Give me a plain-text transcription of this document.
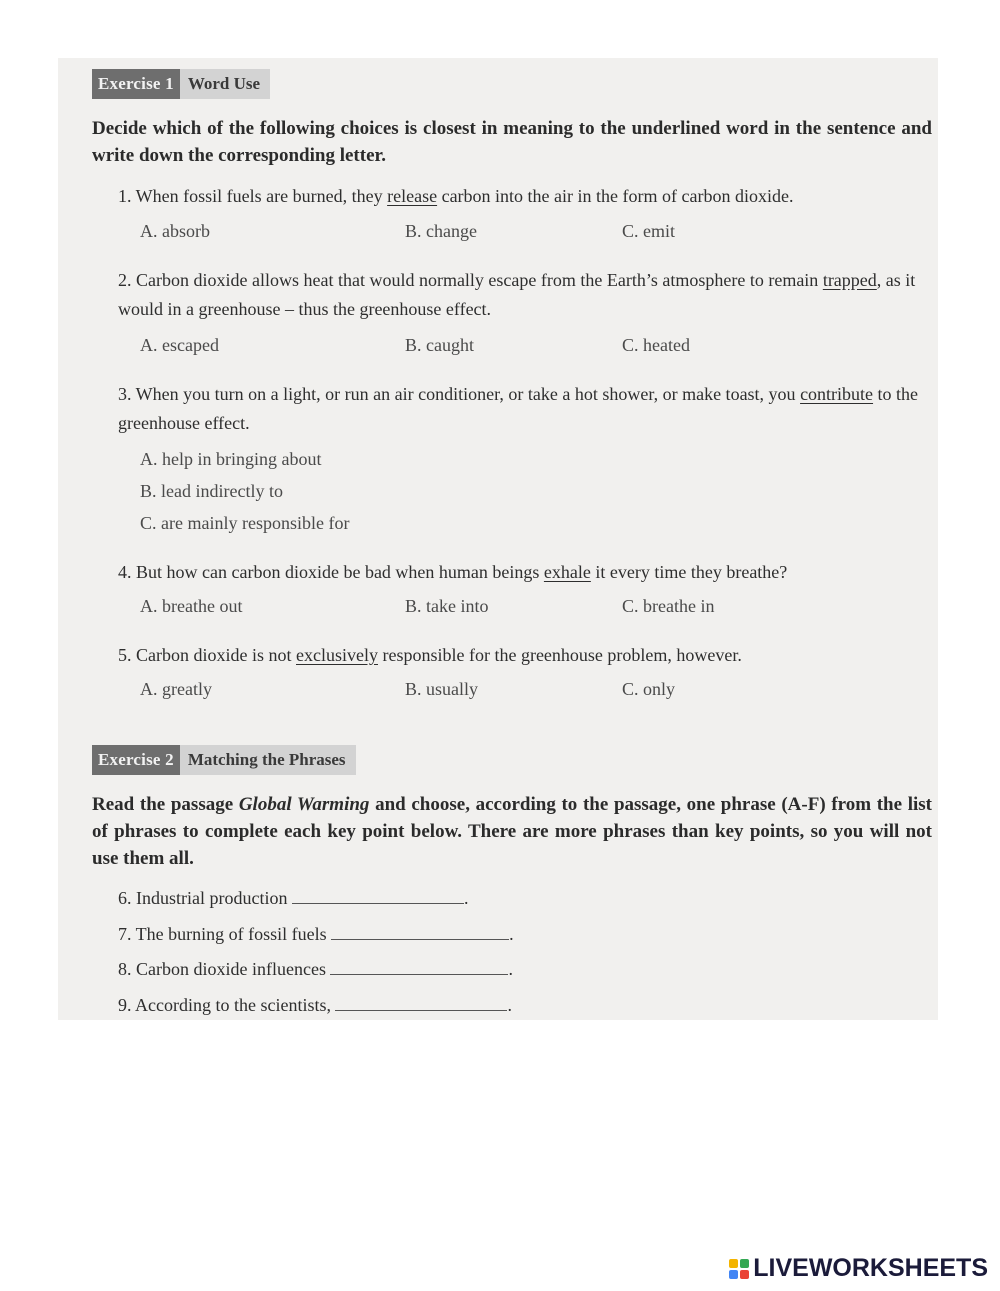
Exercise 1 Word Use
Decide which of the following choices is closest in meaning to the underlined word in the sentence and write down the corresponding letter.
1. When fossil fuels are burned, they release carbon into the air in the form of carbon dioxide.
A. absorb	B. change	C. emit
2. Carbon dioxide allows heat that would normally escape from the Earth’s atmosphere to remain trapped, as it would in a greenhouse – thus the greenhouse effect.
A. escaped	B. caught	C. heated
3. When you turn on a light, or run an air conditioner, or take a hot shower, or make toast, you contribute to the greenhouse effect.
A. help in bringing about
B. lead indirectly to
C. are mainly responsible for
4. But how can carbon dioxide be bad when human beings exhale it every time they breathe?
A. breathe out	B. take into	C. breathe in
5. Carbon dioxide is not exclusively responsible for the greenhouse problem, however.
A. greatly	B. usually	C. only
Exercise 2 Matching the Phrases
Read the passage Global Warming and choose, according to the passage, one phrase (A-F) from the list of phrases to complete each key point below. There are more phrases than key points, so you will not use them all.
6. Industrial production	.
7. The burning of fossil fuels	.
8. Carbon dioxide influences	.
9. According to the scientists,	.
LIVEWORKSHEETS
